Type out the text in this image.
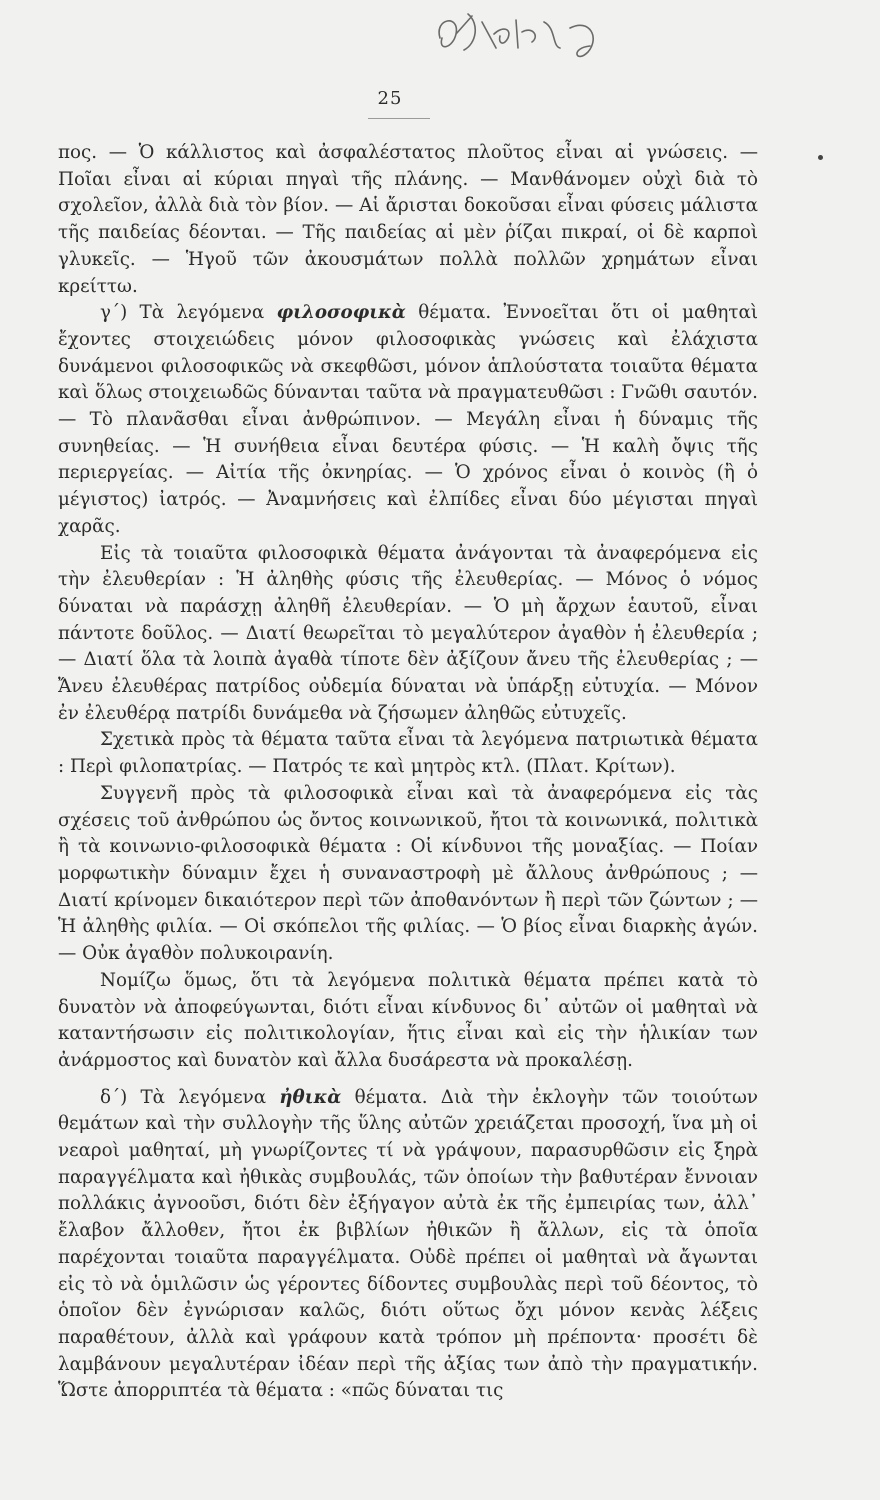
25

πος. — Ὁ κάλλιστος καὶ ἀσφαλέστατος πλοῦτος εἶναι αἱ γνώσεις. — Ποῖαι εἶναι αἱ κύριαι πηγαὶ τῆς πλάνης. — Μανθάνομεν οὐχὶ διὰ τὸ σχολεῖον, ἀλλὰ διὰ τὸν βίον. — Αἱ ἄρισται δοκοῦσαι εἶναι φύσεις μάλιστα τῆς παιδείας δέονται. — Τῆς παιδείας αἱ μὲν ῥίζαι πικραί, οἱ δὲ καρποὶ γλυκεῖς. — Ἡγοῦ τῶν ἀκουσμάτων πολλὰ πολλῶν χρημάτων εἶναι κρείττω.

γ´) Τὰ λεγόμενα φιλοσοφικὰ θέματα. Ἐννοεῖται ὅτι οἱ μαθηταὶ ἔχοντες στοιχειώδεις μόνον φιλοσοφικὰς γνώσεις καὶ ἐλάχιστα δυνάμενοι φιλοσοφικῶς νὰ σκεφθῶσι, μόνον ἁπλούστατα τοιαῦτα θέματα καὶ ὅλως στοιχειωδῶς δύνανται ταῦτα νὰ πραγματευθῶσι : Γνῶθι σαυτόν. — Τὸ πλανᾶσθαι εἶναι ἀνθρώπινον. — Μεγάλη εἶναι ἡ δύναμις τῆς συνηθείας. — Ἡ συνήθεια εἶναι δευτέρα φύσις. — Ἡ καλὴ ὄψις τῆς περιεργείας. — Αἰτία τῆς ὀκνηρίας. — Ὁ χρόνος εἶναι ὁ κοινὸς (ἢ ὁ μέγιστος) ἰατρός. — Ἀναμνήσεις καὶ ἐλπίδες εἶναι δύο μέγισται πηγαὶ χαρᾶς.

Εἰς τὰ τοιαῦτα φιλοσοφικὰ θέματα ἀνάγονται τὰ ἀναφερόμενα εἰς τὴν ἐλευθερίαν : Ἡ ἀληθὴς φύσις τῆς ἐλευθερίας. — Μόνος ὁ νόμος δύναται νὰ παράσχῃ ἀληθῆ ἐλευθερίαν. — Ὁ μὴ ἄρχων ἑαυτοῦ, εἶναι πάντοτε δοῦλος. — Διατί θεωρεῖται τὸ μεγαλύτερον ἀγαθὸν ἡ ἐλευθερία ; — Διατί ὅλα τὰ λοιπὰ ἀγαθὰ τίποτε δὲν ἀξίζουν ἄνευ τῆς ἐλευθερίας ; — Ἄνευ ἐλευθέρας πατρίδος οὐδεμία δύναται νὰ ὑπάρξῃ εὐτυχία. — Μόνον ἐν ἐλευθέρᾳ πατρίδι δυνάμεθα νὰ ζήσωμεν ἀληθῶς εὐτυχεῖς.

Σχετικὰ πρὸς τὰ θέματα ταῦτα εἶναι τὰ λεγόμενα πατριωτικὰ θέματα : Περὶ φιλοπατρίας. — Πατρός τε καὶ μητρὸς κτλ. (Πλατ. Κρίτων).

Συγγενῆ πρὸς τὰ φιλοσοφικὰ εἶναι καὶ τὰ ἀναφερόμενα εἰς τὰς σχέσεις τοῦ ἀνθρώπου ὡς ὄντος κοινωνικοῦ, ἤτοι τὰ κοινωνικά, πολιτικὰ ἢ τὰ κοινωνιο-φιλοσοφικὰ θέματα : Οἱ κίνδυνοι τῆς μοναξίας. — Ποίαν μορφωτικὴν δύναμιν ἔχει ἡ συναναστροφὴ μὲ ἄλλους ἀνθρώπους ; — Διατί κρίνομεν δικαιότερον περὶ τῶν ἀποθανόντων ἢ περὶ τῶν ζώντων ; — Ἡ ἀληθὴς φιλία. — Οἱ σκόπελοι τῆς φιλίας. — Ὁ βίος εἶναι διαρκὴς ἀγών. — Οὐκ ἀγαθὸν πολυκοιρανίη.

Νομίζω ὅμως, ὅτι τὰ λεγόμενα πολιτικὰ θέματα πρέπει κατὰ τὸ δυνατὸν νὰ ἀποφεύγωνται, διότι εἶναι κίνδυνος δι᾽ αὐτῶν οἱ μαθηταὶ νὰ καταντήσωσιν εἰς πολιτικολογίαν, ἥτις εἶναι καὶ εἰς τὴν ἡλικίαν των ἀνάρμοστος καὶ δυνατὸν καὶ ἄλλα δυσάρεστα νὰ προκαλέσῃ.

δ´) Τὰ λεγόμενα ἠθικὰ θέματα. Διὰ τὴν ἐκλογὴν τῶν τοιούτων θεμάτων καὶ τὴν συλλογὴν τῆς ὕλης αὐτῶν χρειάζεται προσοχή, ἵνα μὴ οἱ νεαροὶ μαθηταί, μὴ γνωρίζοντες τί νὰ γράψουν, παρασυρθῶσιν εἰς ξηρὰ παραγγέλματα καὶ ἠθικὰς συμβουλάς, τῶν ὁποίων τὴν βαθυτέραν ἔννοιαν πολλάκις ἀγνοοῦσι, διότι δὲν ἐξήγαγον αὐτὰ ἐκ τῆς ἐμπειρίας των, ἀλλ᾽ ἔλαβον ἄλλοθεν, ἤτοι ἐκ βιβλίων ἠθικῶν ἢ ἄλλων, εἰς τὰ ὁποῖα παρέχονται τοιαῦτα παραγγέλματα. Οὐδὲ πρέπει οἱ μαθηταὶ νὰ ἄγωνται εἰς τὸ νὰ ὁμιλῶσιν ὡς γέροντες δίδοντες συμβουλὰς περὶ τοῦ δέοντος, τὸ ὁποῖον δὲν ἐγνώρισαν καλῶς, διότι οὕτως ὄχι μόνον κενὰς λέξεις παραθέτουν, ἀλλὰ καὶ γράφουν κατὰ τρόπον μὴ πρέποντα· προσέτι δὲ λαμβάνουν μεγαλυτέραν ἰδέαν περὶ τῆς ἀξίας των ἀπὸ τὴν πραγματικήν. Ὥστε ἀπορριπτέα τὰ θέματα : «πῶς δύναται τις
